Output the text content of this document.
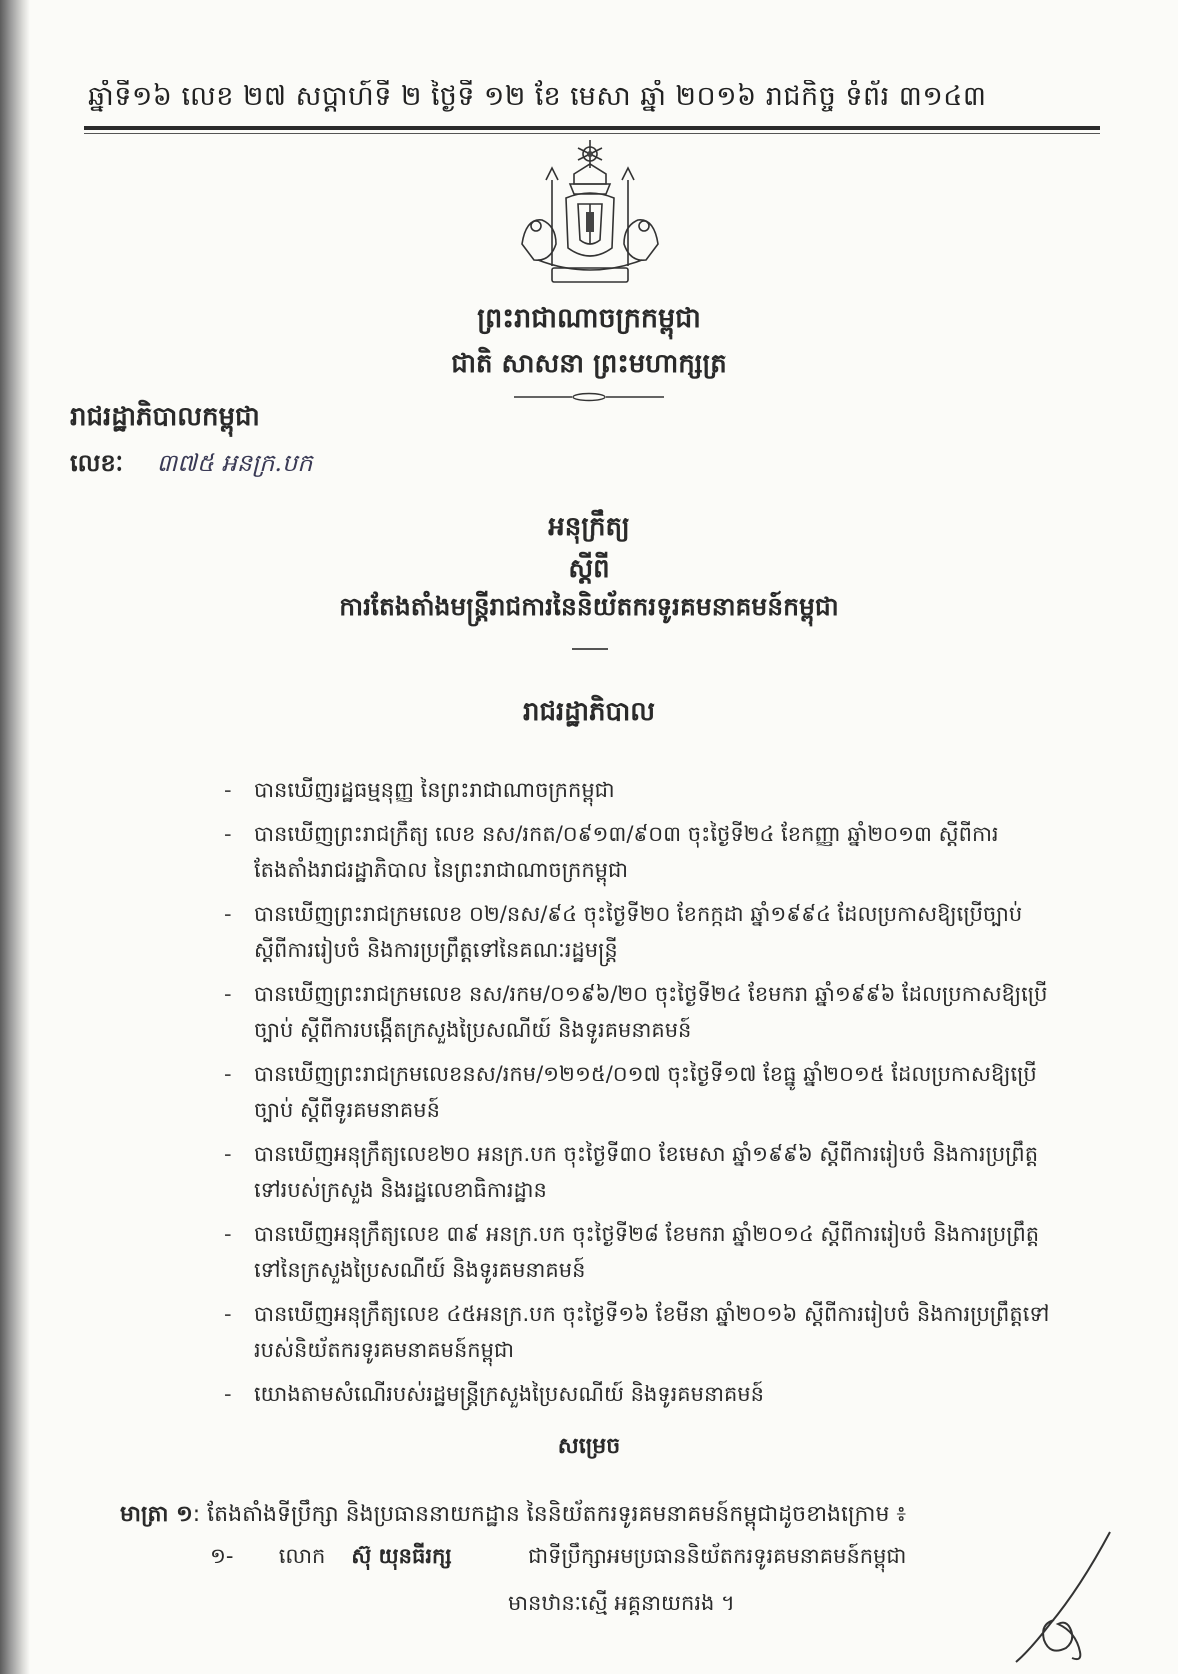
ឆ្នាំទី១៦ លេខ ២៧ សប្តាហ៍ទី ២ ថ្ងៃទី ១២ ខែ មេសា ឆ្នាំ ២០១៦ រាជកិច្ច ទំព័រ ៣១៤៣
ព្រះរាជាណាចក្រកម្ពុជា
ជាតិ សាសនា ព្រះមហាក្សត្រ
រាជរដ្ឋាភិបាលកម្ពុជា
លេខៈ ៣៧៥ អនក្រ.បក
អនុក្រឹត្យ
ស្តីពី
ការតែងតាំងមន្ត្រីរាជការនៃនិយ័តករទូរគមនាគមន៍កម្ពុជា
រាជរដ្ឋាភិបាល
- បានឃើញរដ្ឋធម្មនុញ្ញ នៃព្រះរាជាណាចក្រកម្ពុជា
- បានឃើញព្រះរាជក្រឹត្យ លេខ នស/រកត/០៩១៣/៩០៣ ចុះថ្ងៃទី២៤ ខែកញ្ញា ឆ្នាំ២០១៣ ស្តីពីការតែងតាំងរាជរដ្ឋាភិបាល នៃព្រះរាជាណាចក្រកម្ពុជា
- បានឃើញព្រះរាជក្រមលេខ ០២/នស/៩៤ ចុះថ្ងៃទី២០ ខែកក្កដា ឆ្នាំ១៩៩៤ ដែលប្រកាសឱ្យប្រើច្បាប់ស្តីពីការរៀបចំ និងការប្រព្រឹត្តទៅនៃគណៈរដ្ឋមន្ត្រី
- បានឃើញព្រះរាជក្រមលេខ នស/រកម/០១៩៦/២០ ចុះថ្ងៃទី២៤ ខែមករា ឆ្នាំ១៩៩៦ ដែលប្រកាសឱ្យប្រើច្បាប់ ស្តីពីការបង្កើតក្រសួងប្រៃសណីយ៍ និងទូរគមនាគមន៍
- បានឃើញព្រះរាជក្រមលេខនស/រកម/១២១៥/០១៧ ចុះថ្ងៃទី១៧ ខែធ្នូ ឆ្នាំ២០១៥ ដែលប្រកាសឱ្យប្រើច្បាប់ ស្តីពីទូរគមនាគមន៍
- បានឃើញអនុក្រឹត្យលេខ២០ អនក្រ.បក ចុះថ្ងៃទី៣០ ខែមេសា ឆ្នាំ១៩៩៦ ស្តីពីការរៀបចំ និងការប្រព្រឹត្តទៅរបស់ក្រសួង និងរដ្ឋលេខាធិការដ្ឋាន
- បានឃើញអនុក្រឹត្យលេខ ៣៩ អនក្រ.បក ចុះថ្ងៃទី២៨ ខែមករា ឆ្នាំ២០១៤ ស្តីពីការរៀបចំ និងការប្រព្រឹត្តទៅនៃក្រសួងប្រៃសណីយ៍ និងទូរគមនាគមន៍
- បានឃើញអនុក្រឹត្យលេខ ៤៥អនក្រ.បក ចុះថ្ងៃទី១៦ ខែមីនា ឆ្នាំ២០១៦ ស្តីពីការរៀបចំ និងការប្រព្រឹត្តទៅរបស់និយ័តករទូរគមនាគមន៍កម្ពុជា
- យោងតាមសំណើរបស់រដ្ឋមន្ត្រីក្រសួងប្រៃសណីយ៍ និងទូរគមនាគមន៍
សម្រេច
មាត្រា ១: តែងតាំងទីប្រឹក្សា និងប្រធាននាយកដ្ឋាន នៃនិយ័តករទូរគមនាគមន៍កម្ពុជាដូចខាងក្រោម ៖
១- លោក ស៊ុ យុនធីរក្ស	ជាទីប្រឹក្សាអមប្រធាននិយ័តករទូរគមនាគមន៍កម្ពុជា
មានឋានៈស្មើ អគ្គនាយករង ។
